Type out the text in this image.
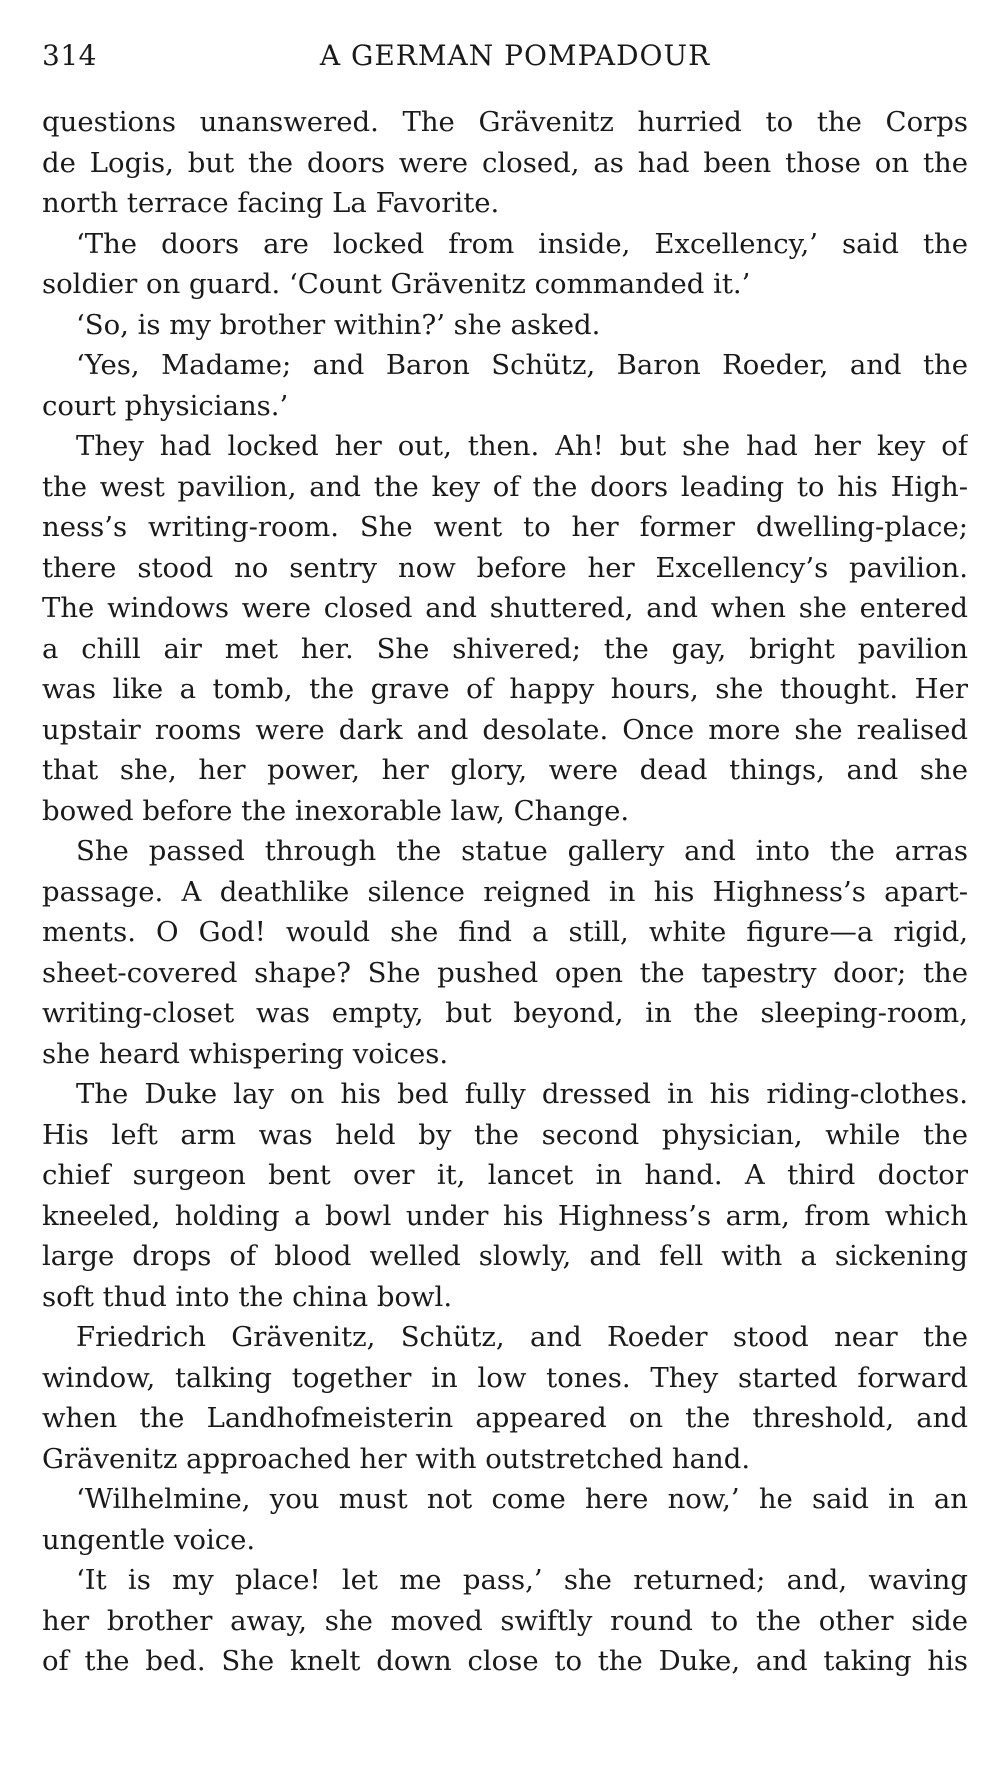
314	A GERMAN POMPADOUR
questions unanswered. The Grävenitz hurried to the Corps
de Logis, but the doors were closed, as had been those on the
north terrace facing La Favorite.
‘The doors are locked from inside, Excellency,’ said the
soldier on guard. ‘Count Grävenitz commanded it.’
‘So, is my brother within?’ she asked.
‘Yes, Madame; and Baron Schütz, Baron Roeder, and the
court physicians.’
They had locked her out, then. Ah! but she had her key of
the west pavilion, and the key of the doors leading to his High-
ness’s writing-room. She went to her former dwelling-place;
there stood no sentry now before her Excellency’s pavilion.
The windows were closed and shuttered, and when she entered
a chill air met her. She shivered; the gay, bright pavilion
was like a tomb, the grave of happy hours, she thought. Her
upstair rooms were dark and desolate. Once more she realised
that she, her power, her glory, were dead things, and she
bowed before the inexorable law, Change.
She passed through the statue gallery and into the arras
passage. A deathlike silence reigned in his Highness’s apart-
ments. O God! would she find a still, white figure—a rigid,
sheet-covered shape? She pushed open the tapestry door; the
writing-closet was empty, but beyond, in the sleeping-room,
she heard whispering voices.
The Duke lay on his bed fully dressed in his riding-clothes.
His left arm was held by the second physician, while the
chief surgeon bent over it, lancet in hand. A third doctor
kneeled, holding a bowl under his Highness’s arm, from which
large drops of blood welled slowly, and fell with a sickening
soft thud into the china bowl.
Friedrich Grävenitz, Schütz, and Roeder stood near the
window, talking together in low tones. They started forward
when the Landhofmeisterin appeared on the threshold, and
Grävenitz approached her with outstretched hand.
‘Wilhelmine, you must not come here now,’ he said in an
ungentle voice.
‘It is my place! let me pass,’ she returned; and, waving
her brother away, she moved swiftly round to the other side
of the bed. She knelt down close to the Duke, and taking his
